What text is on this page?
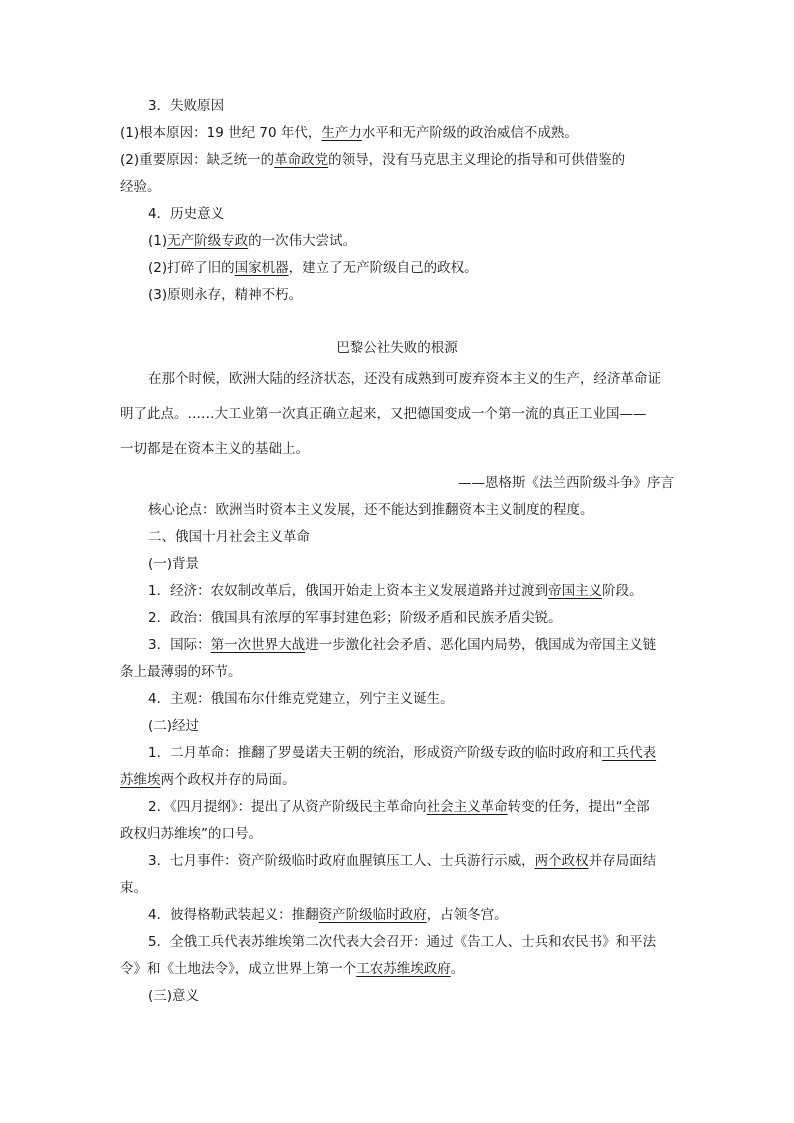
3．失败原因
(1)根本原因：19 世纪 70 年代，生产力水平和无产阶级的政治威信不成熟。
(2)重要原因：缺乏统一的革命政党的领导，没有马克思主义理论的指导和可供借鉴的
经验。
4．历史意义
(1)无产阶级专政的一次伟大尝试。
(2)打碎了旧的国家机器，建立了无产阶级自己的政权。
(3)原则永存，精神不朽。
巴黎公社失败的根源
在那个时候，欧洲大陆的经济状态，还没有成熟到可废弃资本主义的生产，经济革命证
明了此点。……大工业第一次真正确立起来，又把德国变成一个第一流的真正工业国——
一切都是在资本主义的基础上。
——恩格斯《法兰西阶级斗争》序言
核心论点：欧洲当时资本主义发展，还不能达到推翻资本主义制度的程度。
二、俄国十月社会主义革命
(一)背景
1．经济：农奴制改革后，俄国开始走上资本主义发展道路并过渡到帝国主义阶段。
2．政治：俄国具有浓厚的军事封建色彩；阶级矛盾和民族矛盾尖锐。
3．国际：第一次世界大战进一步激化社会矛盾、恶化国内局势，俄国成为帝国主义链
条上最薄弱的环节。
4．主观：俄国布尔什维克党建立，列宁主义诞生。
(二)经过
1．二月革命：推翻了罗曼诺夫王朝的统治，形成资产阶级专政的临时政府和工兵代表
苏维埃两个政权并存的局面。
2．《四月提纲》：提出了从资产阶级民主革命向社会主义革命转变的任务，提出“全部
政权归苏维埃”的口号。
3．七月事件：资产阶级临时政府血腥镇压工人、士兵游行示威，两个政权并存局面结
束。
4．彼得格勒武装起义：推翻资产阶级临时政府，占领冬宫。
5．全俄工兵代表苏维埃第二次代表大会召开：通过《告工人、士兵和农民书》和平法
令》和《土地法令》，成立世界上第一个工农苏维埃政府。
(三)意义
